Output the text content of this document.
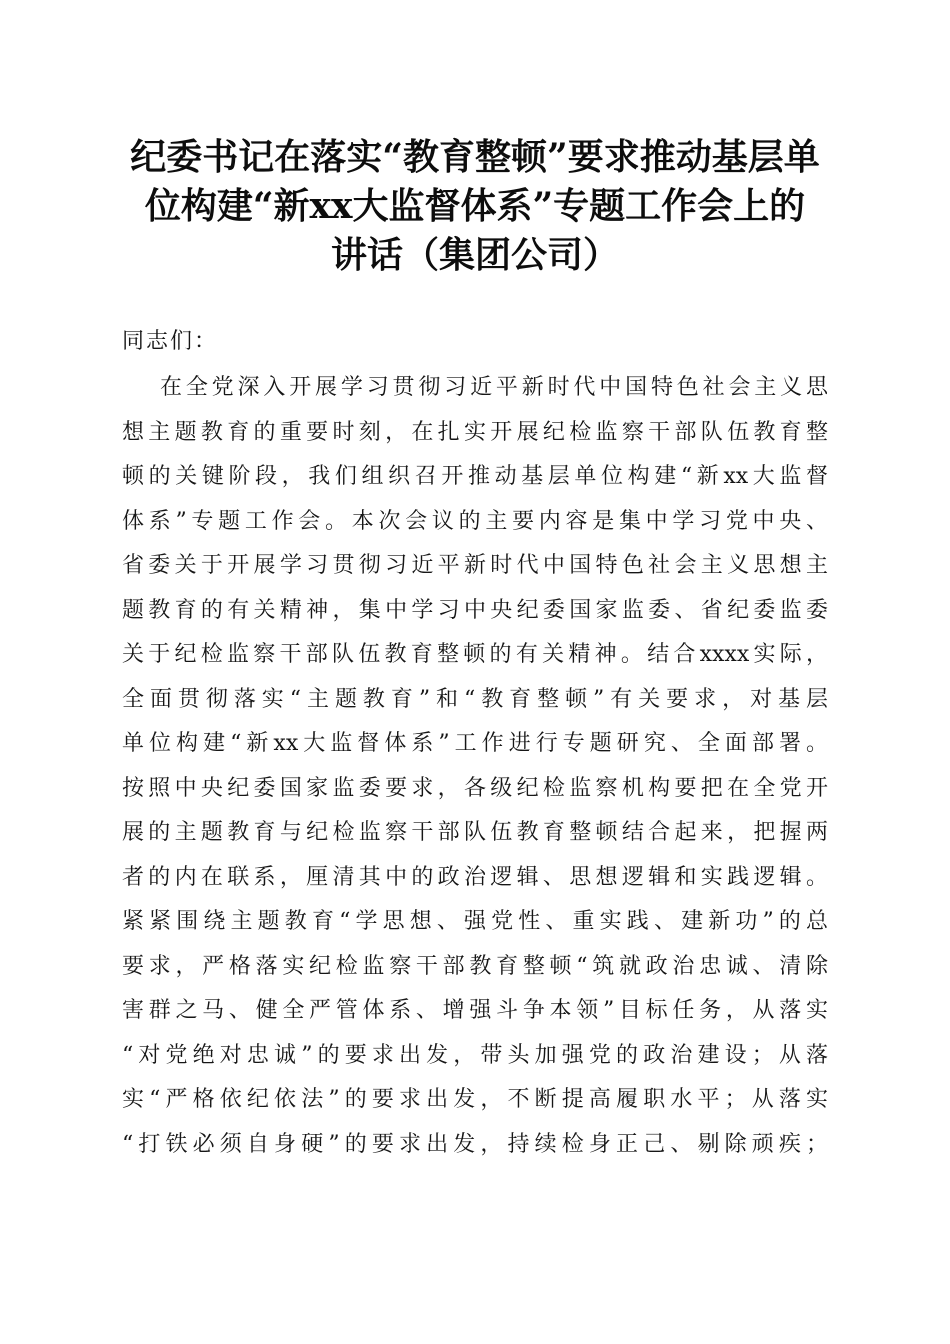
纪委书记在落实“教育整顿”要求推动基层单
位构建“新xx大监督体系”专题工作会上的
讲话（集团公司）

同志们：

在全党深入开展学习贯彻习近平新时代中国特色社会主义思
想主题教育的重要时刻，在扎实开展纪检监察干部队伍教育整
顿的关键阶段，我们组织召开推动基层单位构建“新xx大监督
体系”专题工作会。本次会议的主要内容是集中学习党中央、
省委关于开展学习贯彻习近平新时代中国特色社会主义思想主
题教育的有关精神，集中学习中央纪委国家监委、省纪委监委
关于纪检监察干部队伍教育整顿的有关精神。结合xxxx实际，
全面贯彻落实“主题教育”和“教育整顿”有关要求，对基层
单位构建“新xx大监督体系”工作进行专题研究、全面部署。
按照中央纪委国家监委要求，各级纪检监察机构要把在全党开
展的主题教育与纪检监察干部队伍教育整顿结合起来，把握两
者的内在联系，厘清其中的政治逻辑、思想逻辑和实践逻辑。
紧紧围绕主题教育“学思想、强党性、重实践、建新功”的总
要求，严格落实纪检监察干部教育整顿“筑就政治忠诚、清除
害群之马、健全严管体系、增强斗争本领”目标任务，从落实
“对党绝对忠诚”的要求出发，带头加强党的政治建设；从落
实“严格依纪依法”的要求出发，不断提高履职水平；从落实
“打铁必须自身硬”的要求出发，持续检身正己、剔除顽疾；
